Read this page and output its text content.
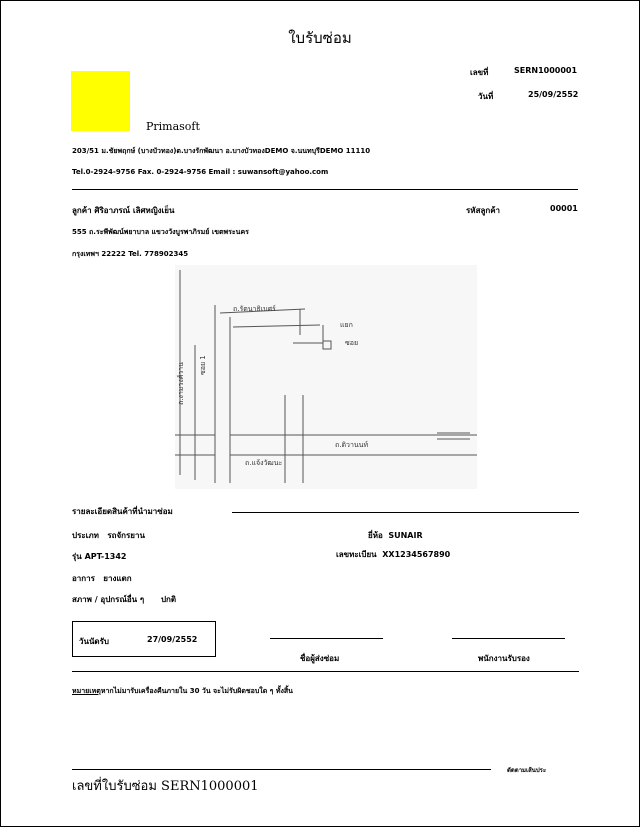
ใบรับซ่อม
เลขที่	SERN1000001
วันที่	25/09/2552
Primasoft
203/51 ม.ชัยพฤกษ์ (บางบัวทอง)ต.บางรักพัฒนา อ.บางบัวทองDEMO จ.นนทบุรีDEMO 11110
Tel.0-2924-9756 Fax. 0-2924-9756 Email : suwansoft@yahoo.com
ลูกค้า ศิริอาภรณ์ เลิศหญิงเย็น	รหัสลูกค้า	00001
555 ถ.ระพีพัฒน์พยาบาล แขวงวังบูรพาภิรมย์ เขตพระนคร
กรุงเทพฯ 22222 Tel. 778902345
ถ.รัตนาธิเบศร์
แยก
ซอย
ถ.ติวานนท์
ถ.งามวงศ์วาน ซอย 1
ถ.แจ้งวัฒนะ
รายละเอียดสินค้าที่นำมาซ่อม
ประเภท รถจักรยาน	ยี่ห้อ SUNAIR
รุ่น APT-1342	เลขทะเบียน XX1234567890
อาการ ยางแตก
สภาพ / อุปกรณ์อื่น ๆ ปกติ
วันนัดรับ	27/09/2552
ชื่อผู้ส่งซ่อม	พนักงานรับรอง
หมายเหตุหากไม่มารับเครื่องคืนภายใน 30 วัน จะไม่รับผิดชอบใด ๆ ทั้งสิ้น
ตัดตามเส้นประ
เลขที่ใบรับซ่อม SERN1000001
